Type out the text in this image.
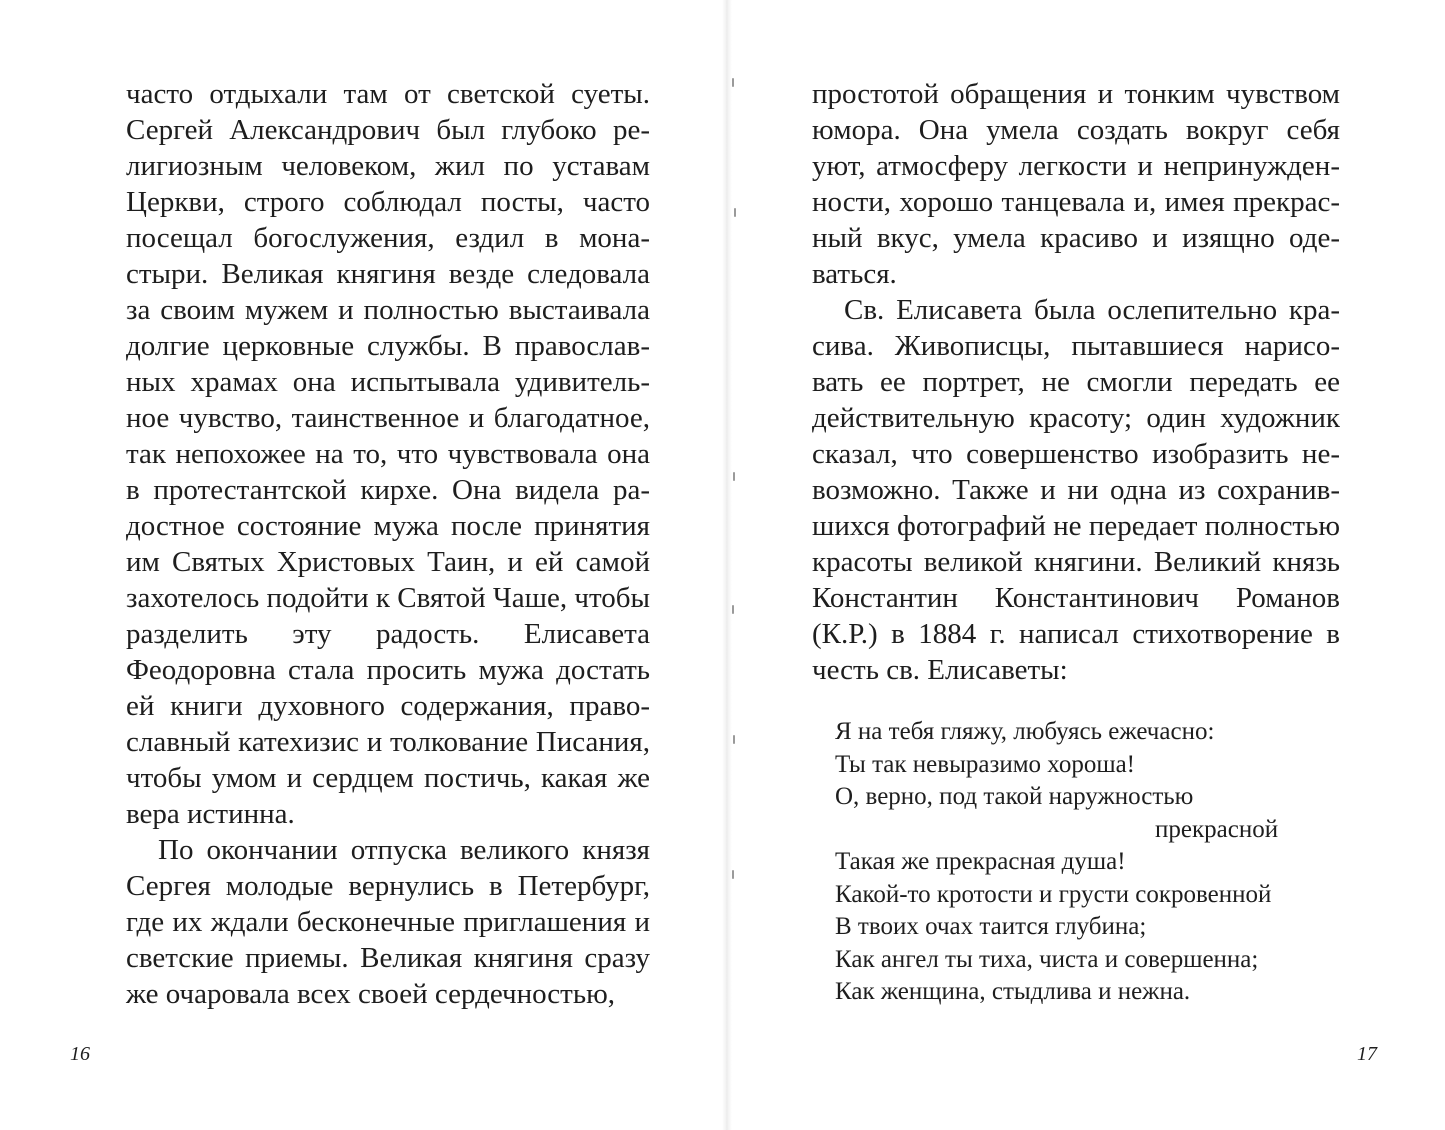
часто отдыхали там от светской суеты. Сергей Александрович был глубоко религиозным человеком, жил по уставам Церкви, строго соблюдал посты, часто посещал богослужения, ездил в монастыри. Великая княгиня везде следовала за своим мужем и полностью выстаивала долгие церковные службы. В православных храмах она испытывала удивительное чувство, таинственное и благодатное, так непохожее на то, что чувствовала она в протестантской кирхе. Она видела радостное состояние мужа после принятия им Святых Христовых Таин, и ей самой захотелось подойти к Святой Чаше, чтобы разделить эту радость. Елисавета Феодоровна стала просить мужа достать ей книги духовного содержания, православный катехизис и толкование Писания, чтобы умом и сердцем постичь, какая же вера истинна.

По окончании отпуска великого князя Сергея молодые вернулись в Петербург, где их ждали бесконечные приглашения и светские приемы. Великая княгиня сразу же очаровала всех своей сердечностью,

16

простотой обращения и тонким чувством юмора. Она умела создать вокруг себя уют, атмосферу легкости и непринужденности, хорошо танцевала и, имея прекрасный вкус, умела красиво и изящно одеваться.

Св. Елисавета была ослепительно красива. Живописцы, пытавшиеся нарисовать ее портрет, не смогли передать ее действительную красоту; один художник сказал, что совершенство изобразить невозможно. Также и ни одна из сохранившихся фотографий не передает полностью красоты великой княгини. Великий князь Константин Константинович Романов (К.Р.) в 1884 г. написал стихотворение в честь св. Елисаветы:

Я на тебя гляжу, любуясь ежечасно:
Ты так невыразимо хороша!
О, верно, под такой наружностью
прекрасной
Такая же прекрасная душа!
Какой-то кротости и грусти сокровенной
В твоих очах таится глубина;
Как ангел ты тиха, чиста и совершенна;
Как женщина, стыдлива и нежна.
17
